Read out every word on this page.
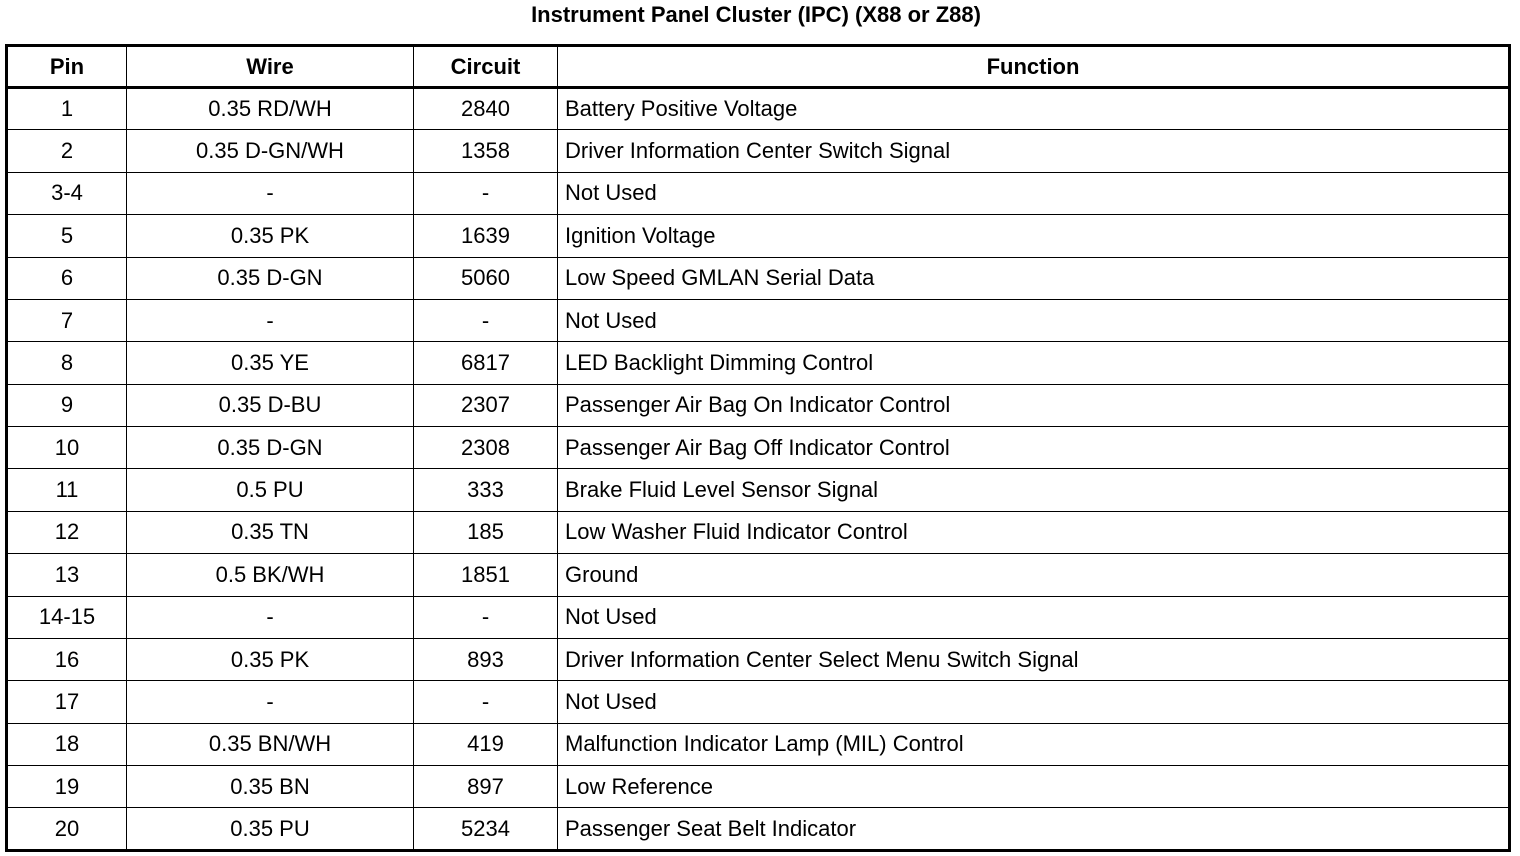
Instrument Panel Cluster (IPC) (X88 or Z88)
Pin	Wire	Circuit	Function
1	0.35 RD/WH	2840	Battery Positive Voltage
2	0.35 D-GN/WH	1358	Driver Information Center Switch Signal
3-4	-	-	Not Used
5	0.35 PK	1639	Ignition Voltage
6	0.35 D-GN	5060	Low Speed GMLAN Serial Data
7	-	-	Not Used
8	0.35 YE	6817	LED Backlight Dimming Control
9	0.35 D-BU	2307	Passenger Air Bag On Indicator Control
10	0.35 D-GN	2308	Passenger Air Bag Off Indicator Control
11	0.5 PU	333	Brake Fluid Level Sensor Signal
12	0.35 TN	185	Low Washer Fluid Indicator Control
13	0.5 BK/WH	1851	Ground
14-15	-	-	Not Used
16	0.35 PK	893	Driver Information Center Select Menu Switch Signal
17	-	-	Not Used
18	0.35 BN/WH	419	Malfunction Indicator Lamp (MIL) Control
19	0.35 BN	897	Low Reference
20	0.35 PU	5234	Passenger Seat Belt Indicator
